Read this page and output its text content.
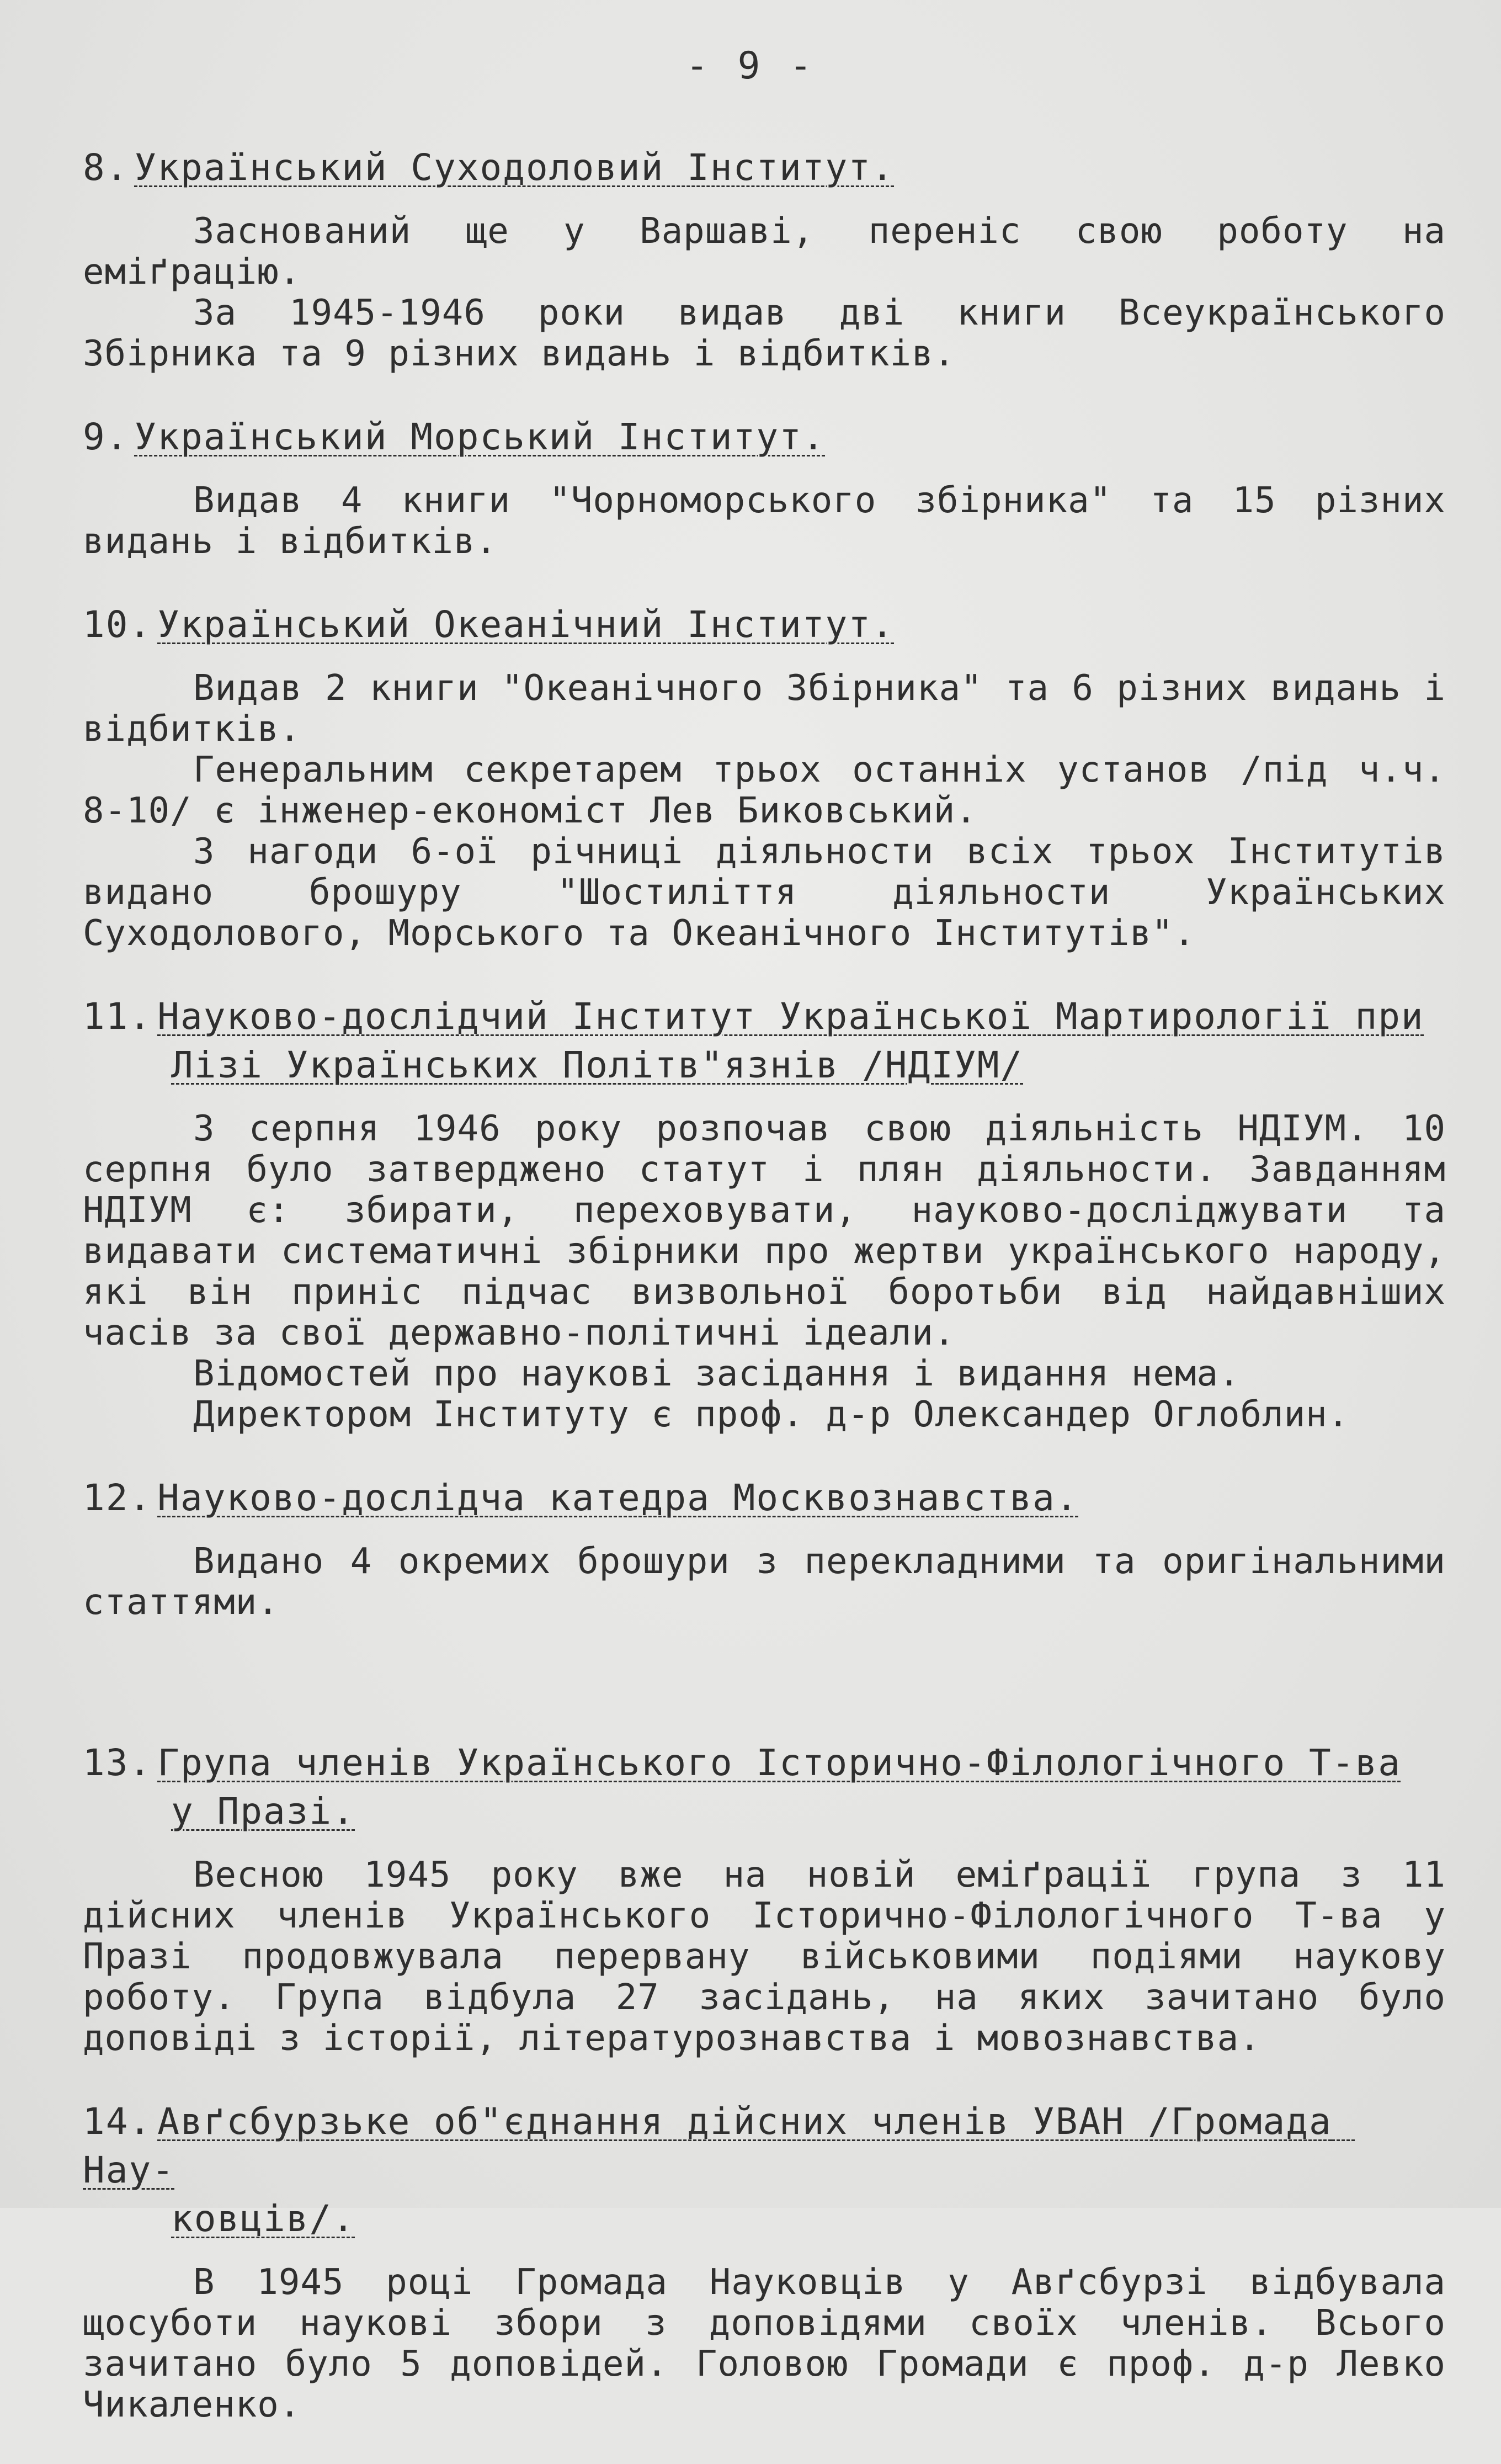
- 9 -
8. Український Суходоловий Інститут.

Заснований ще у Варшаві, переніс свою роботу на еміґрацію.

За 1945-1946 роки видав дві книги Всеукраїнського Збірника та 9 різних видань і відбитків.

9. Український Морський Інститут.

Видав 4 книги "Чорноморського збірника" та 15 різних видань і відбитків.

10. Український Океанічний Інститут.

Видав 2 книги "Океанічного Збірника" та 6 різних видань і відбитків.

Генеральним секретарем трьох останніх установ /під ч.ч. 8-10/ є інженер-економіст Лев Биковський.

З нагоди 6-ої річниці діяльности всіх трьох Інститутів видано брошуру "Шостиліття діяльности Українських Суходолового, Морського та Океанічного Інститутів".

11. Науково-дослідчий Інститут Української Мартирології при
Лізі Українських Політв"язнів /НДІУМ/

3 серпня 1946 року розпочав свою діяльність НДІУМ. 10 серпня було затверджено статут і плян діяльности. Завданням НДІУМ є: збирати, переховувати, науково-досліджувати та видавати систематичні збірники про жертви українського народу, які він приніс підчас визвольної боротьби від найдавніших часів за свої державно-політичні ідеали.

Відомостей про наукові засідання і видання нема.

Директором Інституту є проф. д-р Олександер Оглоблин.

12. Науково-дослідча катедра Москвознавства.

Видано 4 окремих брошури з перекладними та оригінальними статтями.

13. Група членів Українського Історично-Філологічного Т-ва
у Празі.

Весною 1945 року вже на новій еміґрації група з 11 дійсних членів Українського Історично-Філологічного Т-ва у Празі продовжувала перервану військовими подіями наукову роботу. Група відбула 27 засідань, на яких зачитано було доповіді з історії, літературознавства і мовознавства.

14. Авґсбурзьке об"єднання дійсних членів УВАН /Громада Нау-
ковців/.

В 1945 році Громада Науковців у Авґсбурзі відбувала щосуботи наукові збори з доповідями своїх членів. Всього зачитано було 5 доповідей. Головою Громади є проф. д-р Левко Чикаленко.
